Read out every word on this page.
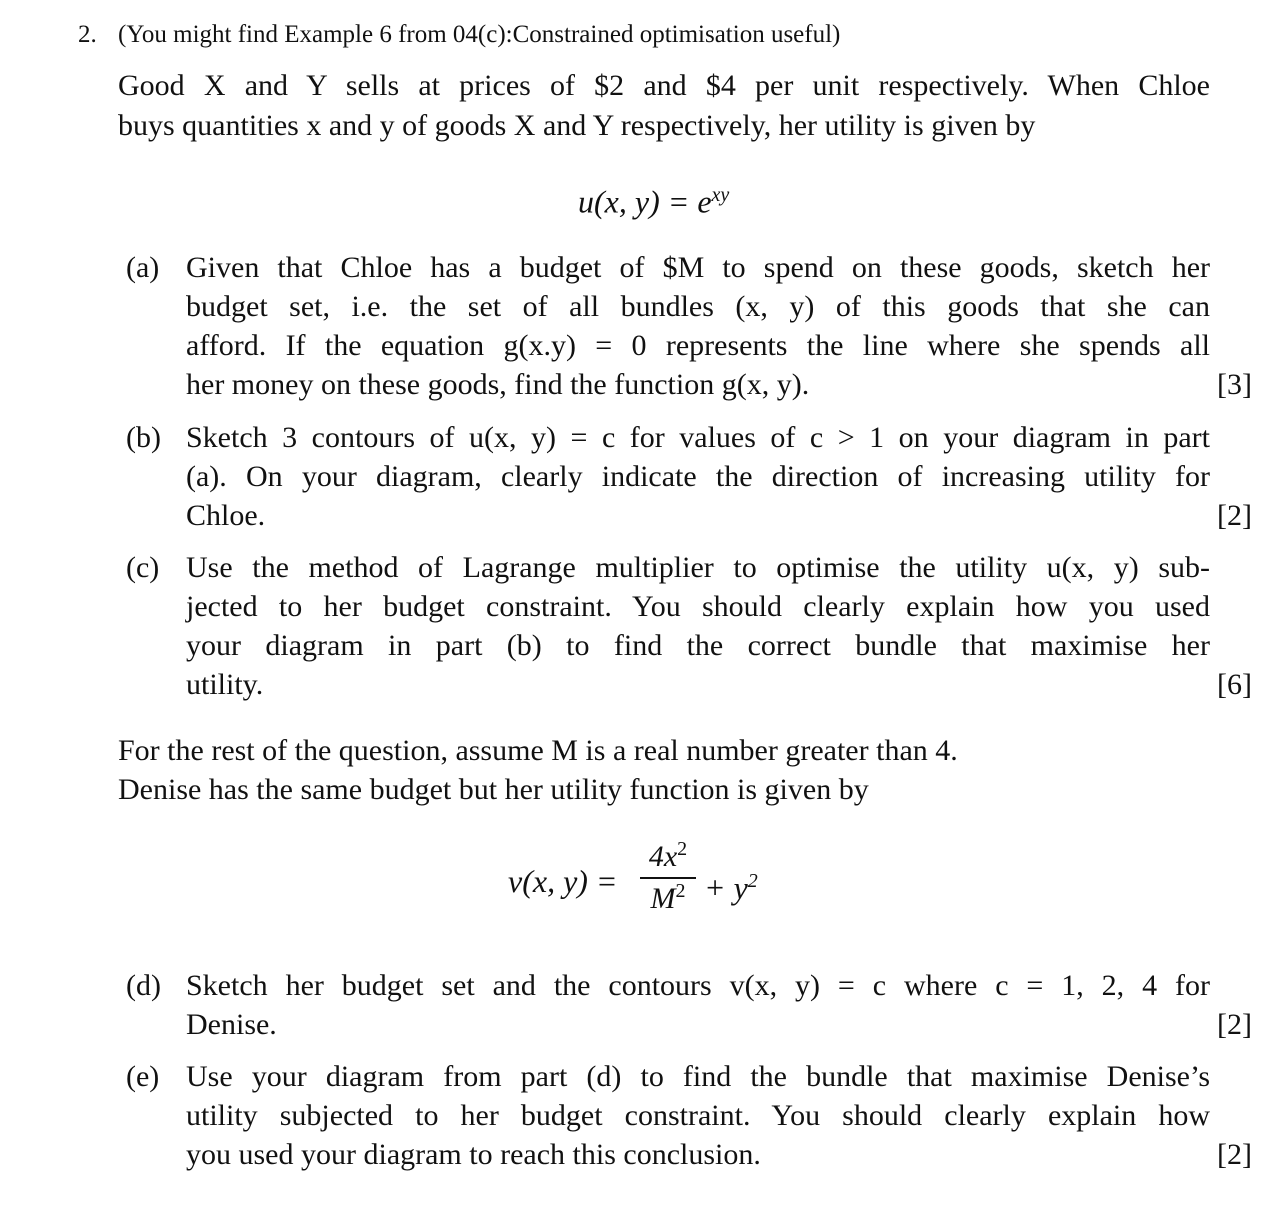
2. (You might find Example 6 from 04(c):Constrained optimisation useful)
Good X and Y sells at prices of $2 and $4 per unit respectively. When Chloe
buys quantities x and y of goods X and Y respectively, her utility is given by
u(x, $y) = e^{xy}$
(a) Given that Chloe has a budget of $M to spend on these goods, sketch her
budget set, i.e. the set of all bundles (x, y) of this goods that she can
afford. If the equation g(x.y) = 0 represents the line where she spends all
her money on these goods, find the function g(x, y).	[3]
(b) Sketch 3 contours of u(x, y) = c for values of c > 1 on your diagram in part
(a). On your diagram, clearly indicate the direction of increasing utility for
Chloe.	[2]
(c) Use the method of Lagrange multiplier to optimise the utility u(x, y) sub-
jected to her budget constraint. You should clearly explain how you used
your diagram in part (b) to find the correct bundle that maximise her
utility.	[6]
For the rest of the question, assume M is a real number greater than 4.
Denise has the same budget but her utility function is given by
v(x, y) =
$4x^2$
$M^2 + y^2$
(d) Sketch her budget set and the contours v(x, y) = c where c = 1, 2, 4 for
Denise.	[2]
(e) Use your diagram from part (d) to find the bundle that maximise Denise’s
utility subjected to her budget constraint. You should clearly explain how
you used your diagram to reach this conclusion.	[2]
